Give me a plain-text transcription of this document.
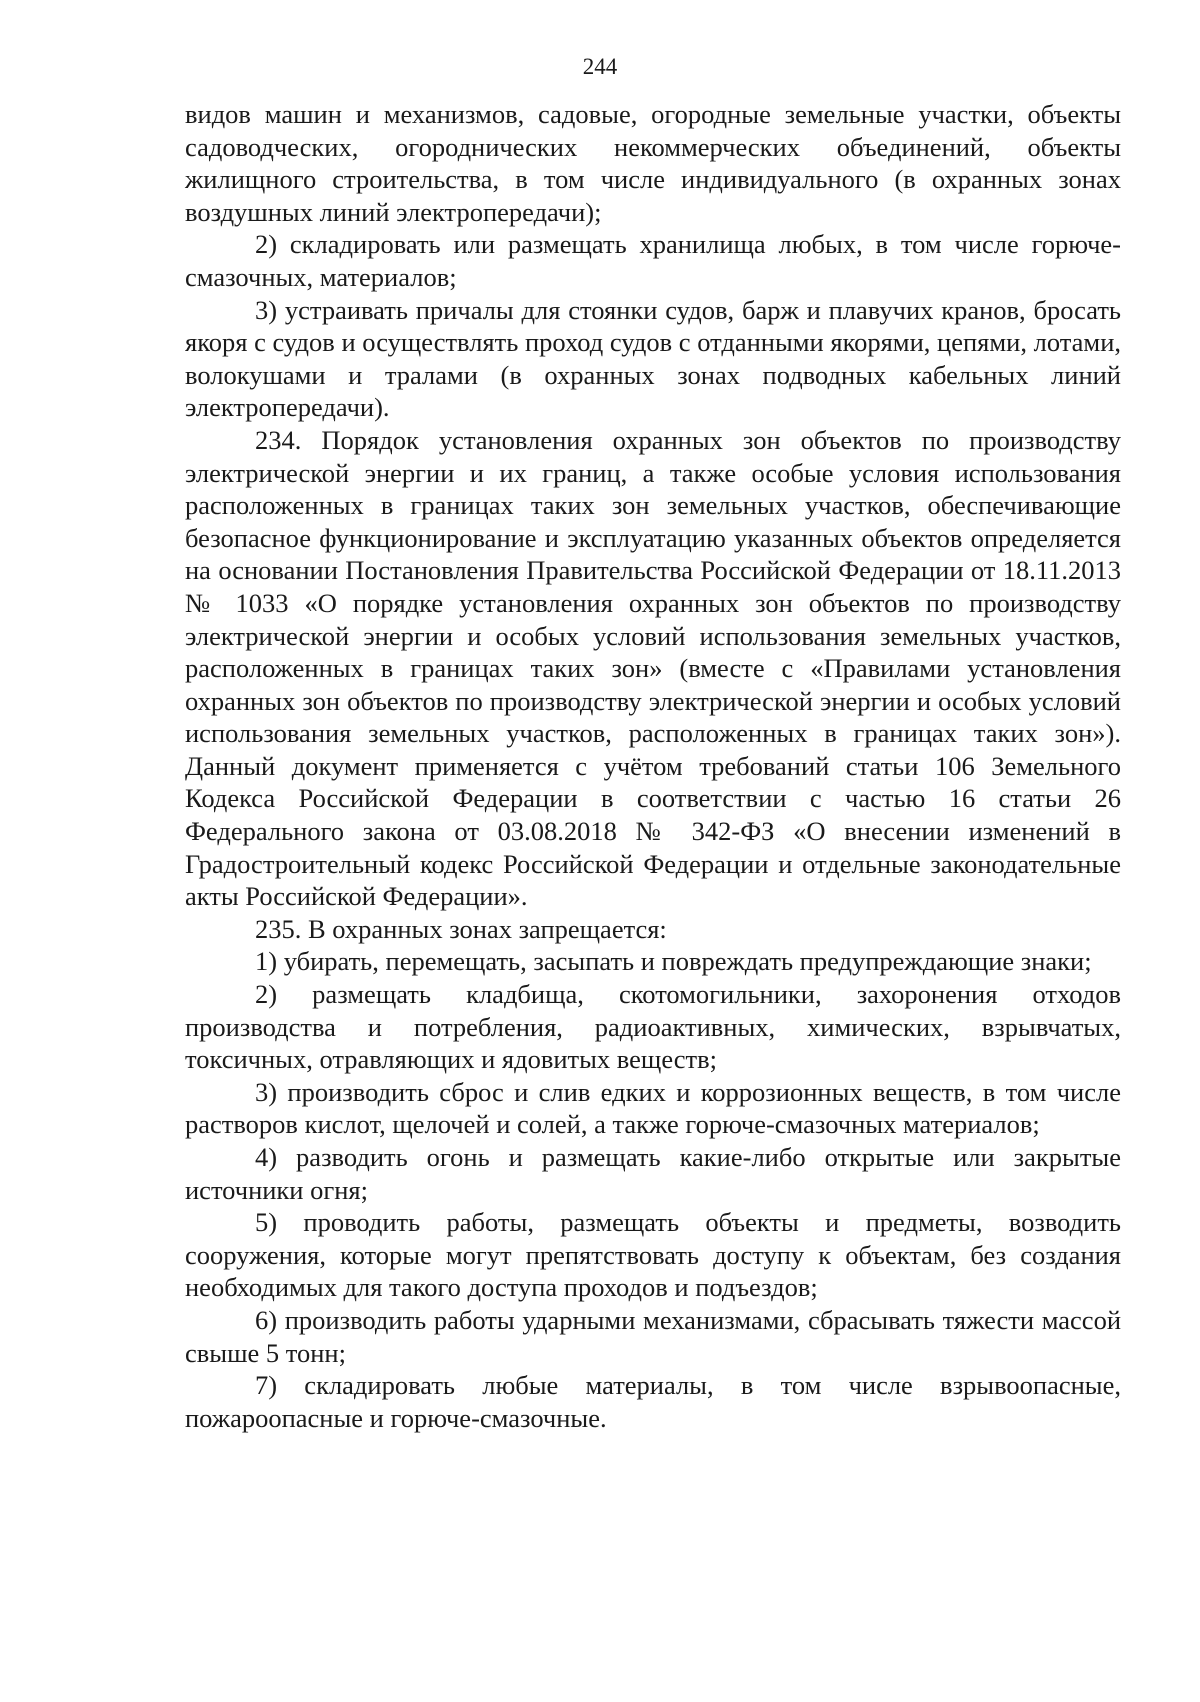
244

видов машин и механизмов, садовые, огородные земельные участки, объекты садоводческих, огороднических некоммерческих объединений, объекты жилищного строительства, в том числе индивидуального (в охранных зонах воздушных линий электропередачи);

2) складировать или размещать хранилища любых, в том числе горюче-смазочных, материалов;

3) устраивать причалы для стоянки судов, барж и плавучих кранов, бросать якоря с судов и осуществлять проход судов с отданными якорями, цепями, лотами, волокушами и тралами (в охранных зонах подводных кабельных линий электропередачи).

234. Порядок установления охранных зон объектов по производству электрической энергии и их границ, а также особые условия использования расположенных в границах таких зон земельных участков, обеспечивающие безопасное функционирование и эксплуатацию указанных объектов определяется на основании Постановления Правительства Российской Федерации от 18.11.2013 № 1033 «О порядке установления охранных зон объектов по производству электрической энергии и особых условий использования земельных участков, расположенных в границах таких зон» (вместе с «Правилами установления охранных зон объектов по производству электрической энергии и особых условий использования земельных участков, расположенных в границах таких зон»). Данный документ применяется с учётом требований статьи 106 Земельного Кодекса Российской Федерации в соответствии с частью 16 статьи 26 Федерального закона от 03.08.2018 № 342-ФЗ «О внесении изменений в Градостроительный кодекс Российской Федерации и отдельные законодательные акты Российской Федерации».

235. В охранных зонах запрещается:

1) убирать, перемещать, засыпать и повреждать предупреждающие знаки;

2) размещать кладбища, скотомогильники, захоронения отходов производства и потребления, радиоактивных, химических, взрывчатых, токсичных, отравляющих и ядовитых веществ;

3) производить сброс и слив едких и коррозионных веществ, в том числе растворов кислот, щелочей и солей, а также горюче-смазочных материалов;

4) разводить огонь и размещать какие-либо открытые или закрытые источники огня;

5) проводить работы, размещать объекты и предметы, возводить сооружения, которые могут препятствовать доступу к объектам, без создания необходимых для такого доступа проходов и подъездов;

6) производить работы ударными механизмами, сбрасывать тяжести массой свыше 5 тонн;

7) складировать любые материалы, в том числе взрывоопасные, пожароопасные и горюче-смазочные.
